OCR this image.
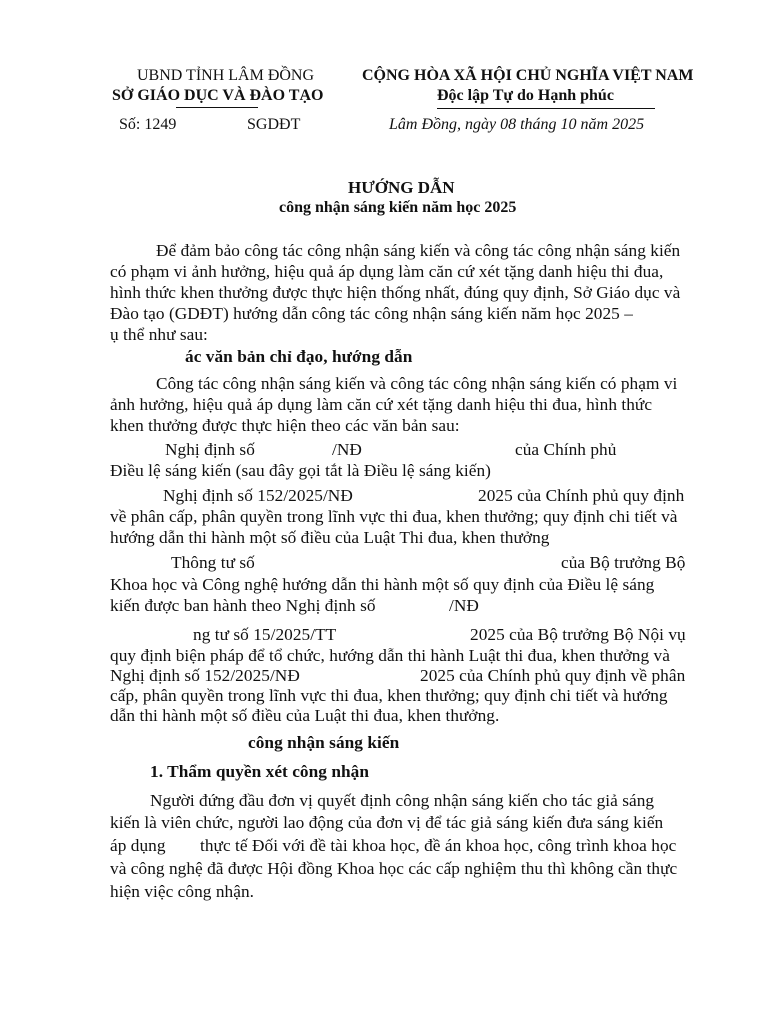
UBND TỈNH LÂM ĐỒNG
SỞ GIÁO DỤC VÀ ĐÀO TẠO
Số: 1249	SGDĐT
CỘNG HÒA XÃ HỘI CHỦ NGHĨA VIỆT NAM
Độc lập Tự do Hạnh phúc
Lâm Đồng, ngày 08 tháng 10 năm 2025
HƯỚNG DẪN
công nhận sáng kiến năm học 2025
Để đảm bảo công tác công nhận sáng kiến và công tác công nhận sáng kiến
có phạm vi ảnh hưởng, hiệu quả áp dụng làm căn cứ xét tặng danh hiệu thi đua,
hình thức khen thưởng được thực hiện thống nhất, đúng quy định, Sở Giáo dục và
Đào tạo (GDĐT) hướng dẫn công tác công nhận sáng kiến năm học 2025 –
ụ thể như sau:
ác văn bản chỉ đạo, hướng dẫn
Công tác công nhận sáng kiến và công tác công nhận sáng kiến có phạm vi
ảnh hưởng, hiệu quả áp dụng làm căn cứ xét tặng danh hiệu thi đua, hình thức
khen thưởng được thực hiện theo các văn bản sau:
Nghị định số	/NĐ	của Chính phủ
Điều lệ sáng kiến (sau đây gọi tắt là Điều lệ sáng kiến)
Nghị định số 152/2025/NĐ	2025 của Chính phủ quy định
về phân cấp, phân quyền trong lĩnh vực thi đua, khen thưởng; quy định chi tiết và
hướng dẫn thi hành một số điều của Luật Thi đua, khen thưởng
Thông tư số	của Bộ trưởng Bộ
Khoa học và Công nghệ hướng dẫn thi hành một số quy định của Điều lệ sáng
kiến được ban hành theo Nghị định số	/NĐ
ng tư số 15/2025/TT	2025 của Bộ trưởng Bộ Nội vụ
quy định biện pháp để tổ chức, hướng dẫn thi hành Luật thi đua, khen thưởng và
Nghị định số 152/2025/NĐ	2025 của Chính phủ quy định về phân
cấp, phân quyền trong lĩnh vực thi đua, khen thưởng; quy định chi tiết và hướng
dẫn thi hành một số điều của Luật thi đua, khen thưởng.
công nhận sáng kiến
1. Thẩm quyền xét công nhận
Người đứng đầu đơn vị quyết định công nhận sáng kiến cho tác giả sáng
kiến là viên chức, người lao động của đơn vị để tác giả sáng kiến đưa sáng kiến
áp dụng thực tế Đối với đề tài khoa học, đề án khoa học, công trình khoa học
và công nghệ đã được Hội đồng Khoa học các cấp nghiệm thu thì không cần thực
hiện việc công nhận.
